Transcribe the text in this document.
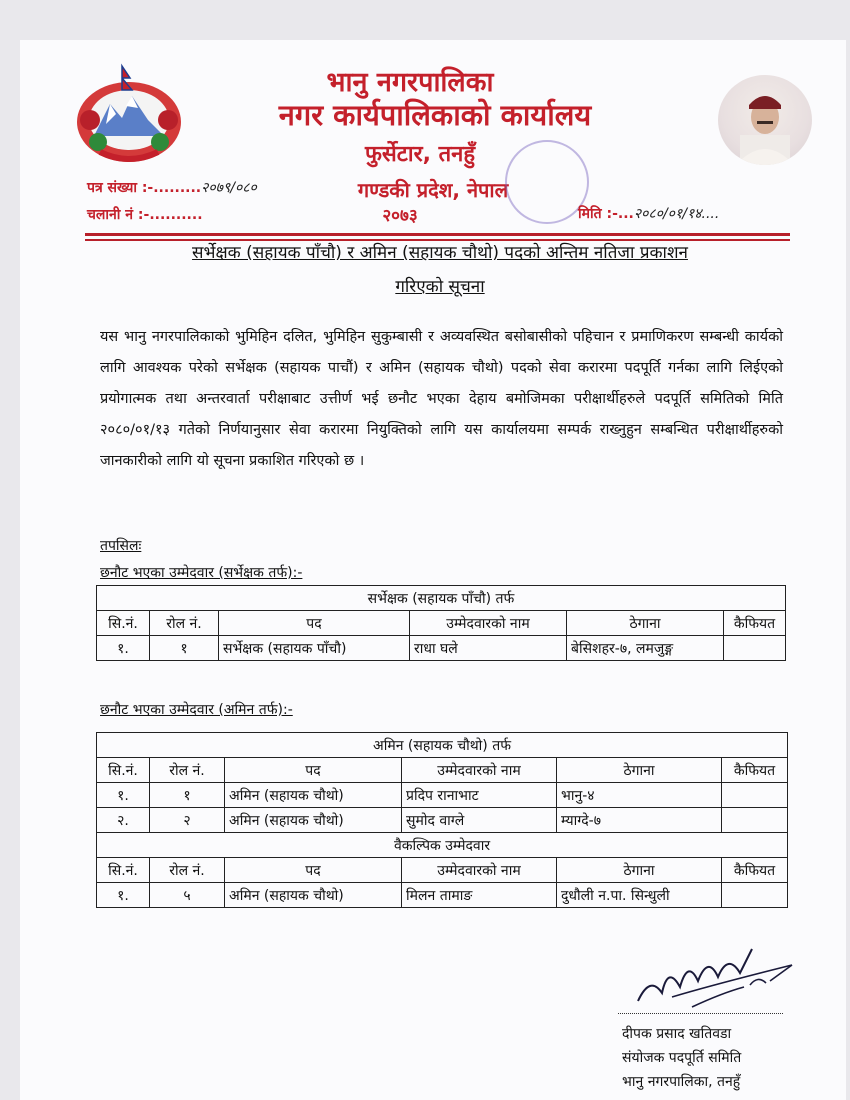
भानु नगरपालिका
नगर कार्यपालिकाको कार्यालय
फुर्सेटार, तनहुँ
गण्डकी प्रदेश, नेपाल
२०७३
पत्र संख्या :-.........२०७९/०८०
चलानी नं :-..........	मिति :-...२०८०/०१/१४....
सर्भेक्षक (सहायक पाँचौ) र अमिन (सहायक चौथो) पदको अन्तिम नतिजा प्रकाशन
गरिएको सूचना
यस भानु नगरपालिकाको भुमिहिन दलित, भुमिहिन सुकुम्बासी र अव्यवस्थित बसोबासीको पहिचान र प्रमाणिकरण सम्बन्धी कार्यको लागि आवश्यक परेको सर्भेक्षक (सहायक पाचौं) र अमिन (सहायक चौथो) पदको सेवा करारमा पदपूर्ति गर्नका लागि लिईएको प्रयोगात्मक तथा अन्तरवार्ता परीक्षाबाट उत्तीर्ण भई छनौट भएका देहाय बमोजिमका परीक्षार्थीहरुले पदपूर्ति समितिको मिति २०८०/०१/१३ गतेको निर्णयानुसार सेवा करारमा नियुक्तिको लागि यस कार्यालयमा सम्पर्क राख्नुहुन सम्बन्धित परीक्षार्थीहरुको जानकारीको लागि यो सूचना प्रकाशित गरिएको छ ।
तपसिलः
छनौट भएका उम्मेदवार (सर्भेक्षक तर्फ):-
सर्भेक्षक (सहायक पाँचौ) तर्फ					
सि.नं.	रोल नं.	पद	उम्मेदवारको नाम	ठेगाना	कैफियत
१.	१	सर्भेक्षक (सहायक पाँचौ)	राधा घले	बेसिशहर-७, लमजुङ्ग	
छनौट भएका उम्मेदवार (अमिन तर्फ):-
अमिन (सहायक चौथो) तर्फ					
सि.नं.	रोल नं.	पद	उम्मेदवारको नाम	ठेगाना	कैफियत
१.	१	अमिन (सहायक चौथो)	प्रदिप रानाभाट	भानु-४	
२.	२	अमिन (सहायक चौथो)	सुमोद वाग्ले	म्याग्दे-७	
वैकल्पिक उम्मेदवार					
सि.नं.	रोल नं.	पद	उम्मेदवारको नाम	ठेगाना	कैफियत
१.	५	अमिन (सहायक चौथो)	मिलन तामाङ	दुधौली न.पा. सिन्धुली	
दीपक प्रसाद खतिवडा
संयोजक पदपूर्ति समिति
भानु नगरपालिका, तनहुँ
